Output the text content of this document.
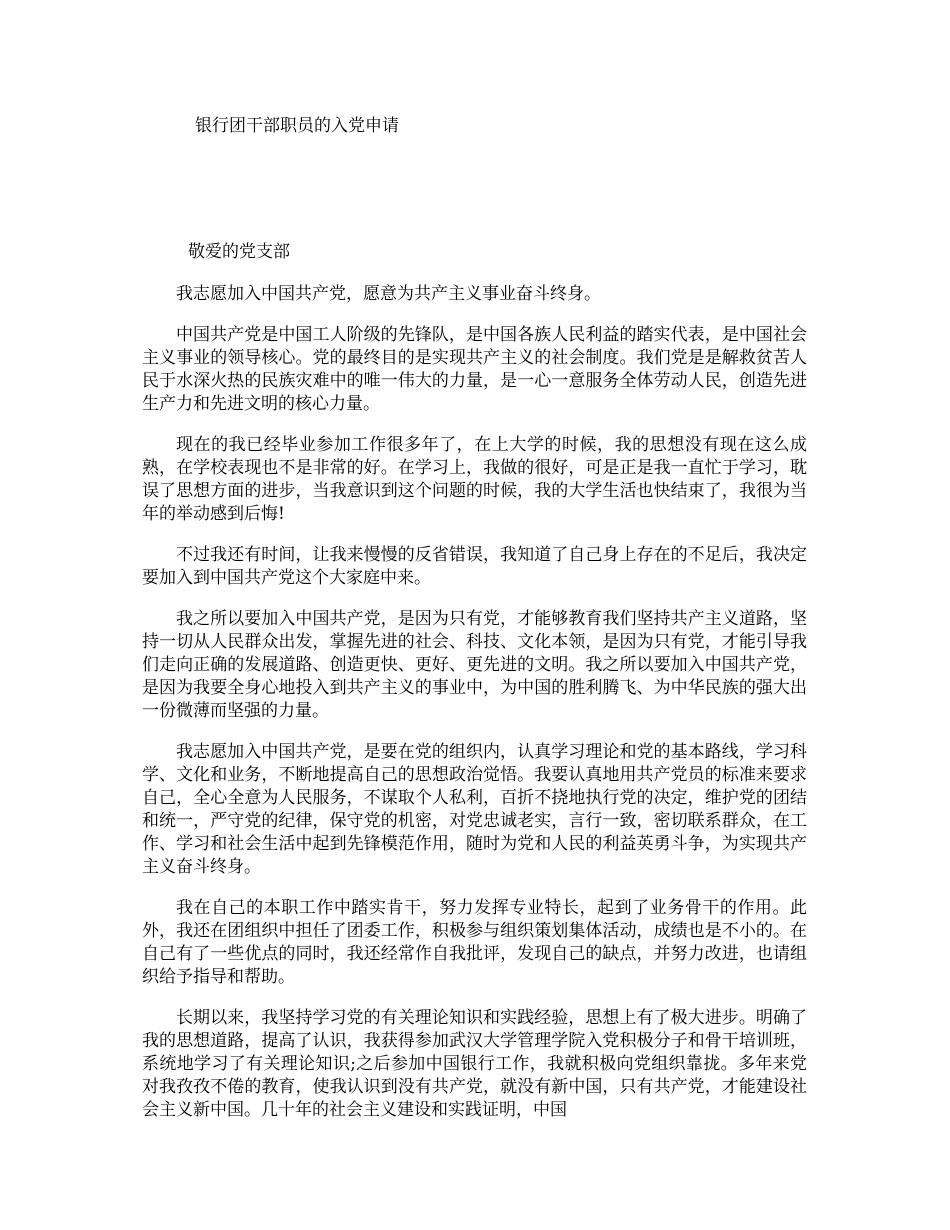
银行团干部职员的入党申请
敬爱的党支部

我志愿加入中国共产党，愿意为共产主义事业奋斗终身。

中国共产党是中国工人阶级的先锋队，是中国各族人民利益的踏实代表，是中国社会主义事业的领导核心。党的最终目的是实现共产主义的社会制度。我们党是是解救贫苦人民于水深火热的民族灾难中的唯一伟大的力量，是一心一意服务全体劳动人民，创造先进生产力和先进文明的核心力量。

现在的我已经毕业参加工作很多年了，在上大学的时候，我的思想没有现在这么成熟，在学校表现也不是非常的好。在学习上，我做的很好，可是正是我一直忙于学习，耽误了思想方面的进步，当我意识到这个问题的时候，我的大学生活也快结束了，我很为当年的举动感到后悔!

不过我还有时间，让我来慢慢的反省错误，我知道了自己身上存在的不足后，我决定要加入到中国共产党这个大家庭中来。

我之所以要加入中国共产党，是因为只有党，才能够教育我们坚持共产主义道路，坚持一切从人民群众出发，掌握先进的社会、科技、文化本领，是因为只有党，才能引导我们走向正确的发展道路、创造更快、更好、更先进的文明。我之所以要加入中国共产党，是因为我要全身心地投入到共产主义的事业中，为中国的胜利腾飞、为中华民族的强大出一份微薄而坚强的力量。

我志愿加入中国共产党，是要在党的组织内，认真学习理论和党的基本路线，学习科学、文化和业务，不断地提高自己的思想政治觉悟。我要认真地用共产党员的标准来要求自己，全心全意为人民服务，不谋取个人私利，百折不挠地执行党的决定，维护党的团结和统一，严守党的纪律，保守党的机密，对党忠诚老实，言行一致，密切联系群众，在工作、学习和社会生活中起到先锋模范作用，随时为党和人民的利益英勇斗争，为实现共产主义奋斗终身。

我在自己的本职工作中踏实肯干，努力发挥专业特长，起到了业务骨干的作用。此外，我还在团组织中担任了团委工作，积极参与组织策划集体活动，成绩也是不小的。在自己有了一些优点的同时，我还经常作自我批评，发现自己的缺点，并努力改进，也请组织给予指导和帮助。

长期以来，我坚持学习党的有关理论知识和实践经验，思想上有了极大进步。明确了我的思想道路，提高了认识，我获得参加武汉大学管理学院入党积极分子和骨干培训班，系统地学习了有关理论知识;之后参加中国银行工作，我就积极向党组织靠拢。多年来党对我孜孜不倦的教育，使我认识到没有共产党，就没有新中国，只有共产党，才能建设社会主义新中国。几十年的社会主义建设和实践证明，中国
